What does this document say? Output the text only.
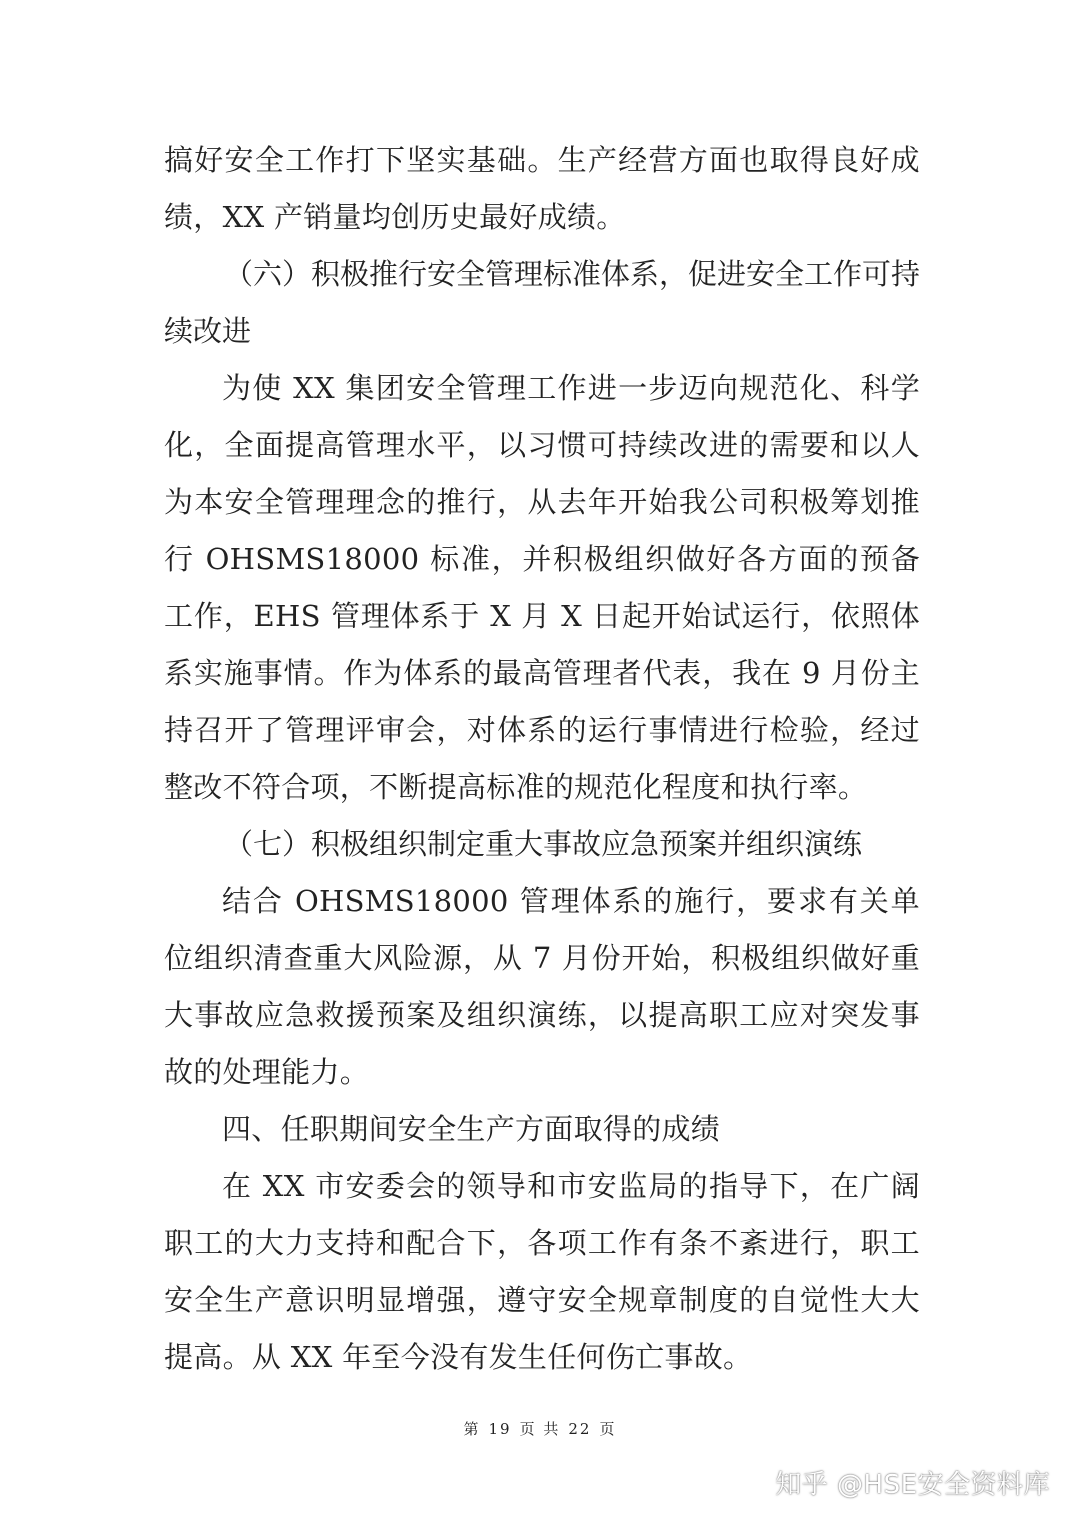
搞好安全工作打下坚实基础。生产经营方面也取得良好成绩，XX 产销量均创历史最好成绩。

（六）积极推行安全管理标准体系，促进安全工作可持续改进

为使 XX 集团安全管理工作进一步迈向规范化、科学化，全面提高管理水平，以习惯可持续改进的需要和以人为本安全管理理念的推行，从去年开始我公司积极筹划推行 OHSMS18000 标准，并积极组织做好各方面的预备工作，EHS 管理体系于 X 月 X 日起开始试运行，依照体系实施事情。作为体系的最高管理者代表，我在 9 月份主持召开了管理评审会，对体系的运行事情进行检验，经过整改不符合项，不断提高标准的规范化程度和执行率。

（七）积极组织制定重大事故应急预案并组织演练

结合 OHSMS18000 管理体系的施行，要求有关单位组织清查重大风险源，从 7 月份开始，积极组织做好重大事故应急救援预案及组织演练，以提高职工应对突发事故的处理能力。

四、任职期间安全生产方面取得的成绩

在 XX 市安委会的领导和市安监局的指导下，在广阔职工的大力支持和配合下，各项工作有条不紊进行，职工安全生产意识明显增强，遵守安全规章制度的自觉性大大提高。从 XX 年至今没有发生任何伤亡事故。

第 19 页 共 22 页
知乎 @HSE安全资料库
